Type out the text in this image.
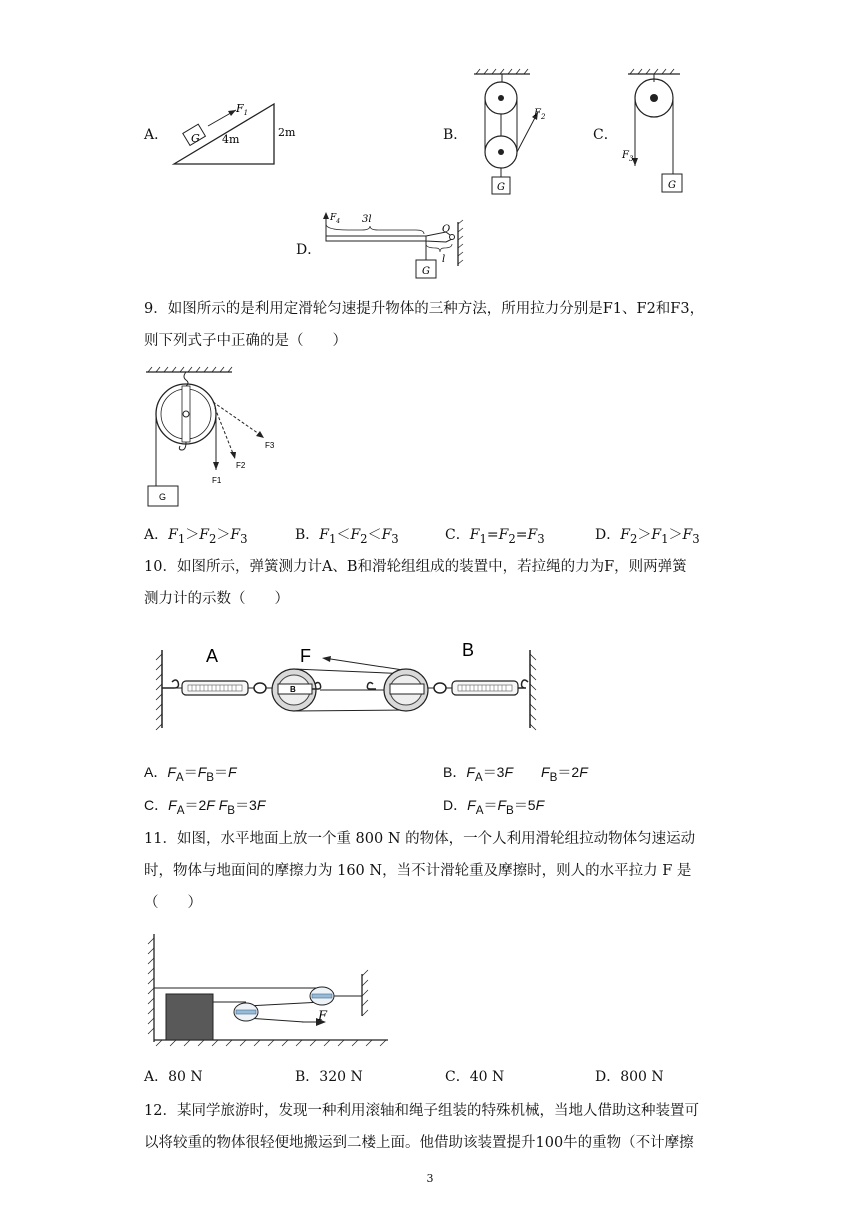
A． G
$F_1$
4m
2m	B．
$F_2$
G
C．
$F_3$
G
D．
$F_4$ 3l
O
l
G
9．如图所示的是利用定滑轮匀速提升物体的三种方法，所用拉力分别是F1、F2和F3，
则下列式子中正确的是（　　）
G
F1
F2
F3
A．$F_1>F_2>F_3$	B．$F_1<F_2<F_3$	C．$F_1=F_2=F_3$	D．$F_2>F_1>F_3$
10．如图所示，弹簧测力计A、B和滑轮组组成的装置中，若拉绳的力为F，则两弹簧
测力计的示数（　　）
A	F	B
B
A．$F_A=F_B=F$	B．$F_A=3F$　　 $F_B=2F$
C．$F_A=2F$ $F_B=3F$	D．$F_A=F_B=5F$
11．如图，水平地面上放一个重 800 N 的物体，一个人利用滑轮组拉动物体匀速运动
时，物体与地面间的摩擦力为 160 N，当不计滑轮重及摩擦时，则人的水平拉力 F 是
（　　）
F
A．80 N	B．320 N	C．40 N	D．800 N
12．某同学旅游时，发现一种利用滚轴和绳子组装的特殊机械，当地人借助这种装置可
以将较重的物体很轻便地搬运到二楼上面。他借助该装置提升100牛的重物（不计摩擦
3
